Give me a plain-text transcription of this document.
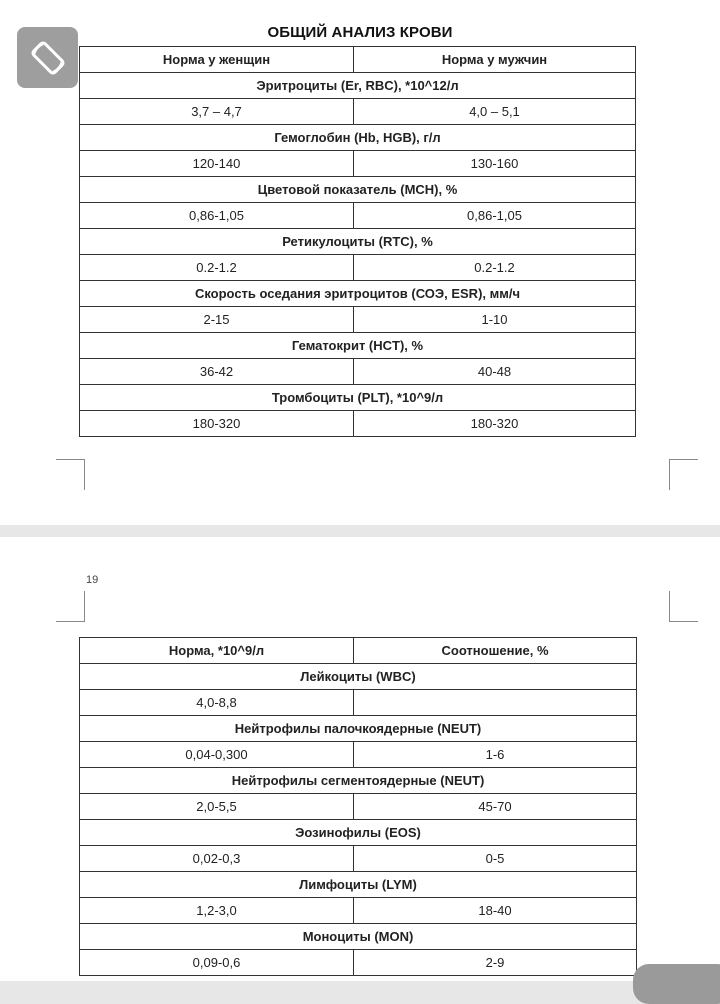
ОБЩИЙ АНАЛИЗ КРОВИ
Норма у женщин	Норма у мужчин
Эритроциты (Er, RBC), *10^12/л	
3,7 – 4,7	4,0 – 5,1
Гемоглобин (Hb, HGB), г/л	
120-140	130-160
Цветовой показатель (MCH), %	
0,86-1,05	0,86-1,05
Ретикулоциты (RTC), %	
0.2-1.2	0.2-1.2
Скорость оседания эритроцитов (СОЭ, ESR), мм/ч	
2-15	1-10
Гематокрит (HCT), %	
36-42	40-48
Тромбоциты (PLT), *10^9/л	
180-320	180-320
19
Норма, *10^9/л	Соотношение, %
Лейкоциты (WBC)	
4,0-8,8	
Нейтрофилы палочкоядерные (NEUT)	
0,04-0,300	1-6
Нейтрофилы сегментоядерные (NEUT)	
2,0-5,5	45-70
Эозинофилы (EOS)	
0,02-0,3	0-5
Лимфоциты (LYM)	
1,2-3,0	18-40
Моноциты (MON)	
0,09-0,6	2-9
